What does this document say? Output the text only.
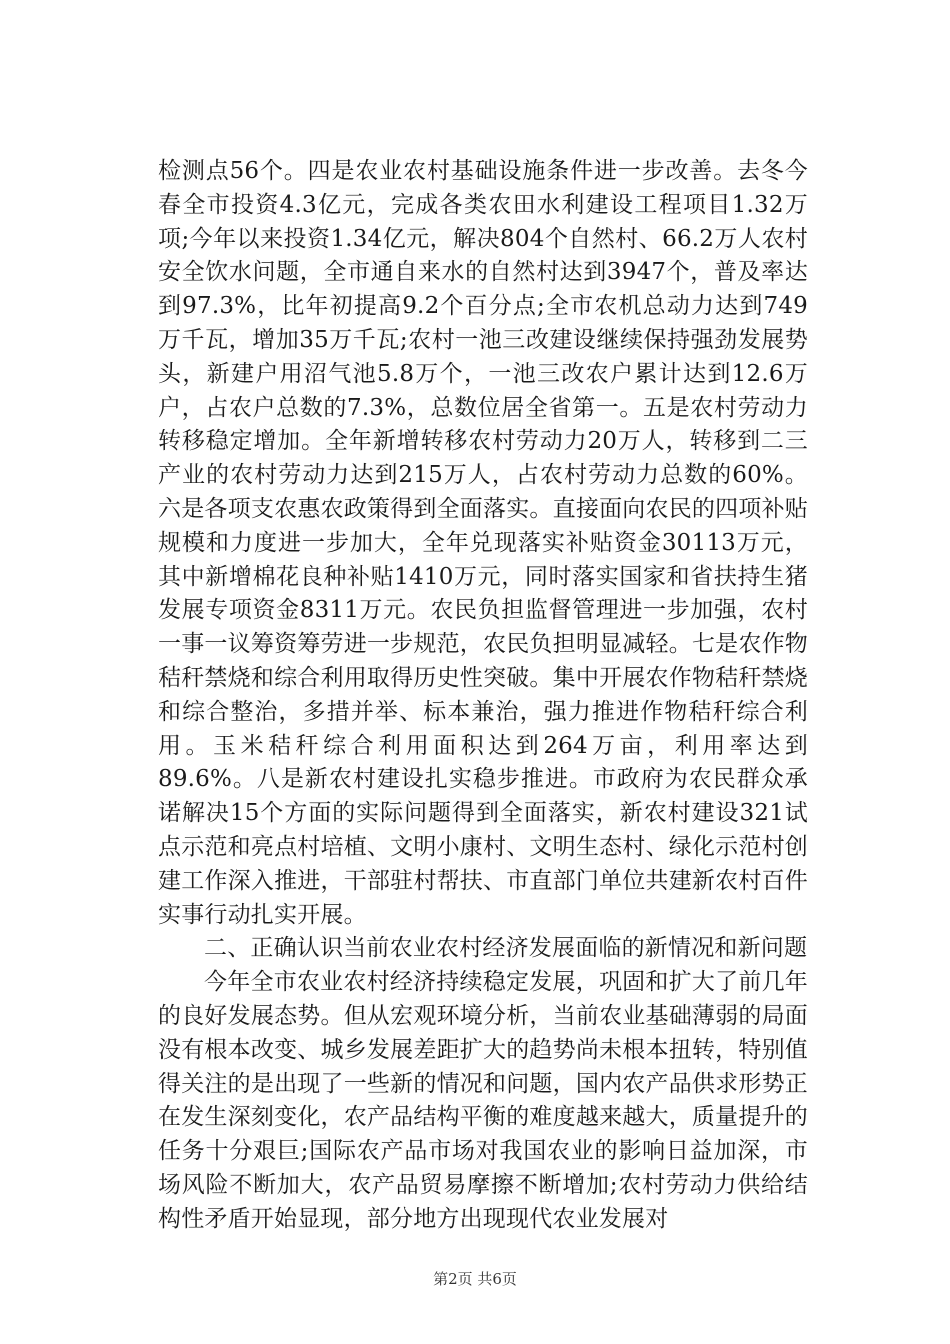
检测点56个。四是农业农村基础设施条件进一步改善。去冬今春全市投资4.3亿元，完成各类农田水利建设工程项目1.32万项;今年以来投资1.34亿元，解决804个自然村、66.2万人农村安全饮水问题，全市通自来水的自然村达到3947个，普及率达到97.3%，比年初提高9.2个百分点;全市农机总动力达到749万千瓦，增加35万千瓦;农村一池三改建设继续保持强劲发展势头，新建户用沼气池5.8万个，一池三改农户累计达到12.6万户，占农户总数的7.3%，总数位居全省第一。五是农村劳动力转移稳定增加。全年新增转移农村劳动力20万人，转移到二三产业的农村劳动力达到215万人，占农村劳动力总数的60%。六是各项支农惠农政策得到全面落实。直接面向农民的四项补贴规模和力度进一步加大，全年兑现落实补贴资金30113万元，其中新增棉花良种补贴1410万元，同时落实国家和省扶持生猪发展专项资金8311万元。农民负担监督管理进一步加强，农村一事一议筹资筹劳进一步规范，农民负担明显减轻。七是农作物秸秆禁烧和综合利用取得历史性突破。集中开展农作物秸秆禁烧和综合整治，多措并举、标本兼治，强力推进作物秸秆综合利用。玉米秸秆综合利用面积达到264万亩，利用率达到89.6%。八是新农村建设扎实稳步推进。市政府为农民群众承诺解决15个方面的实际问题得到全面落实，新农村建设321试点示范和亮点村培植、文明小康村、文明生态村、绿化示范村创建工作深入推进，干部驻村帮扶、市直部门单位共建新农村百件实事行动扎实开展。

二、正确认识当前农业农村经济发展面临的新情况和新问题

今年全市农业农村经济持续稳定发展，巩固和扩大了前几年的良好发展态势。但从宏观环境分析，当前农业基础薄弱的局面没有根本改变、城乡发展差距扩大的趋势尚未根本扭转，特别值得关注的是出现了一些新的情况和问题，国内农产品供求形势正在发生深刻变化，农产品结构平衡的难度越来越大，质量提升的任务十分艰巨;国际农产品市场对我国农业的影响日益加深，市场风险不断加大，农产品贸易摩擦不断增加;农村劳动力供给结构性矛盾开始显现，部分地方出现现代农业发展对

第2页 共6页
